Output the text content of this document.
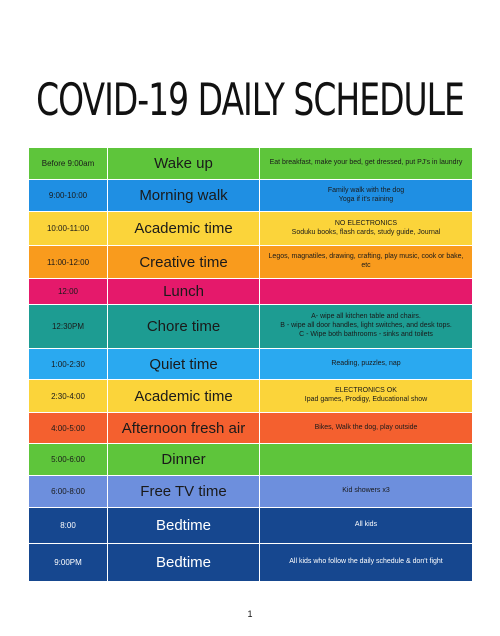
COVID-19 DAILY SCHEDULE
Before 9:00am	Wake up	Eat breakfast, make your bed, get dressed, put PJ's in laundry

9:00-10:00	Morning walk	Family walk with the dog
Yoga if it's raining

10:00-11:00	Academic time	NO ELECTRONICS
Soduku books, flash cards, study guide, Journal

11:00-12:00	Creative time	Legos, magnatiles, drawing, crafting, play music, cook or bake, etc

12:00	Lunch	

12:30PM	Chore time	A- wipe all kitchen table and chairs.
B - wipe all door handles, light switches, and desk tops.
C - Wipe both bathrooms - sinks and toilets

1:00-2:30	Quiet time	Reading, puzzles, nap

2:30-4:00	Academic time	ELECTRONICS OK
Ipad games, Prodigy, Educational show

4:00-5:00	Afternoon fresh air	Bikes, Walk the dog, play outside

5:00-6:00	Dinner	

6:00-8:00	Free TV time	Kid showers x3

8:00	Bedtime	All kids

9:00PM	Bedtime	All kids who follow the daily schedule & don't fight
1
